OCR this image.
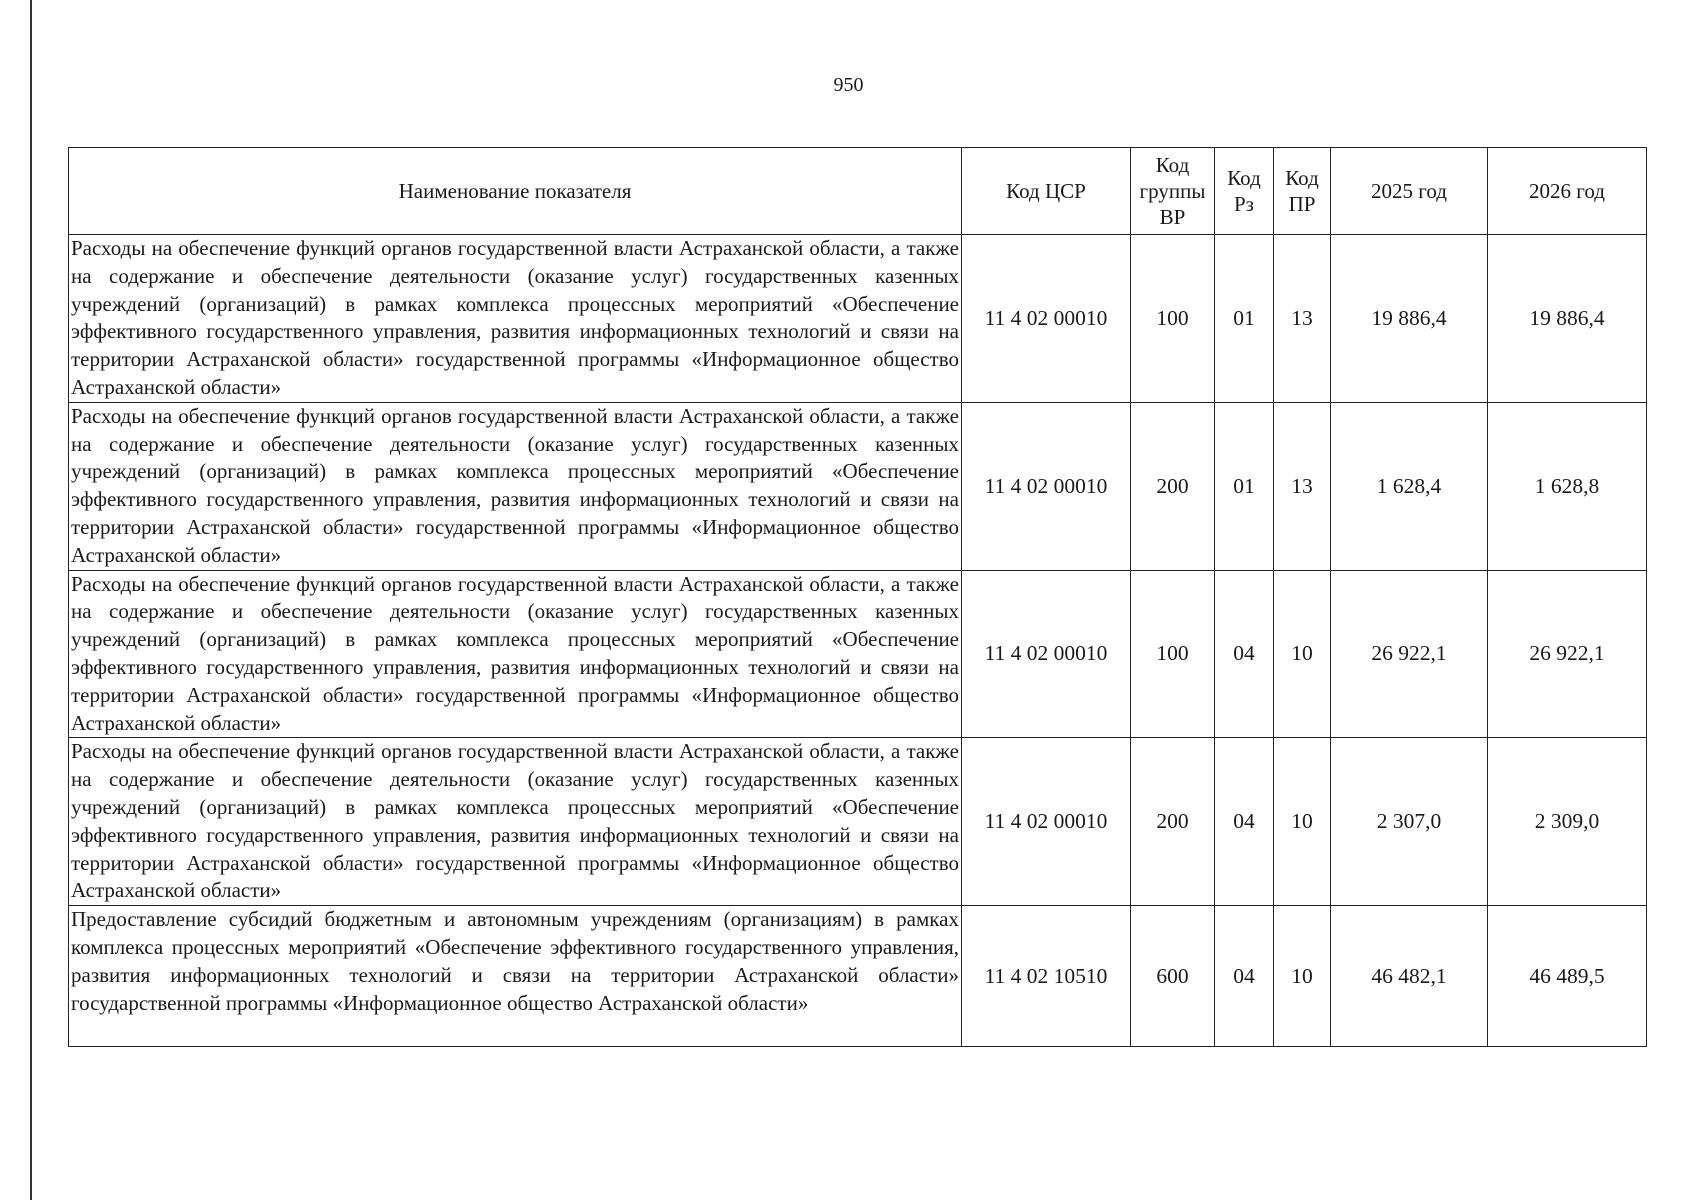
950
Наименование показателя	Код ЦСР	Код группы ВР	Код Рз	Код ПР	2025 год	2026 год
Расходы на обеспечение функций органов государственной власти Астраханской области, а также на содержание и обеспечение деятельности (оказание услуг) государственных казенных учреждений (организаций) в рамках комплекса процессных мероприятий «Обеспечение эффективного государственного управления, развития информационных технологий и связи на территории Астраханской области» государственной программы «Информационное общество Астраханской области»	11 4 02 00010	100	01	13	19 886,4	19 886,4
Расходы на обеспечение функций органов государственной власти Астраханской области, а также на содержание и обеспечение деятельности (оказание услуг) государственных казенных учреждений (организаций) в рамках комплекса процессных мероприятий «Обеспечение эффективного государственного управления, развития информационных технологий и связи на территории Астраханской области» государственной программы «Информационное общество Астраханской области»	11 4 02 00010	200	01	13	1 628,4	1 628,8
Расходы на обеспечение функций органов государственной власти Астраханской области, а также на содержание и обеспечение деятельности (оказание услуг) государственных казенных учреждений (организаций) в рамках комплекса процессных мероприятий «Обеспечение эффективного государственного управления, развития информационных технологий и связи на территории Астраханской области» государственной программы «Информационное общество Астраханской области»	11 4 02 00010	100	04	10	26 922,1	26 922,1
Расходы на обеспечение функций органов государственной власти Астраханской области, а также на содержание и обеспечение деятельности (оказание услуг) государственных казенных учреждений (организаций) в рамках комплекса процессных мероприятий «Обеспечение эффективного государственного управления, развития информационных технологий и связи на территории Астраханской области» государственной программы «Информационное общество Астраханской области»	11 4 02 00010	200	04	10	2 307,0	2 309,0
Предоставление субсидий бюджетным и автономным учреждениям (организациям) в рамках комплекса процессных мероприятий «Обеспечение эффективного государственного управления, развития информационных технологий и связи на территории Астраханской области» государственной программы «Информационное общество Астраханской области»	11 4 02 10510	600	04	10	46 482,1	46 489,5
